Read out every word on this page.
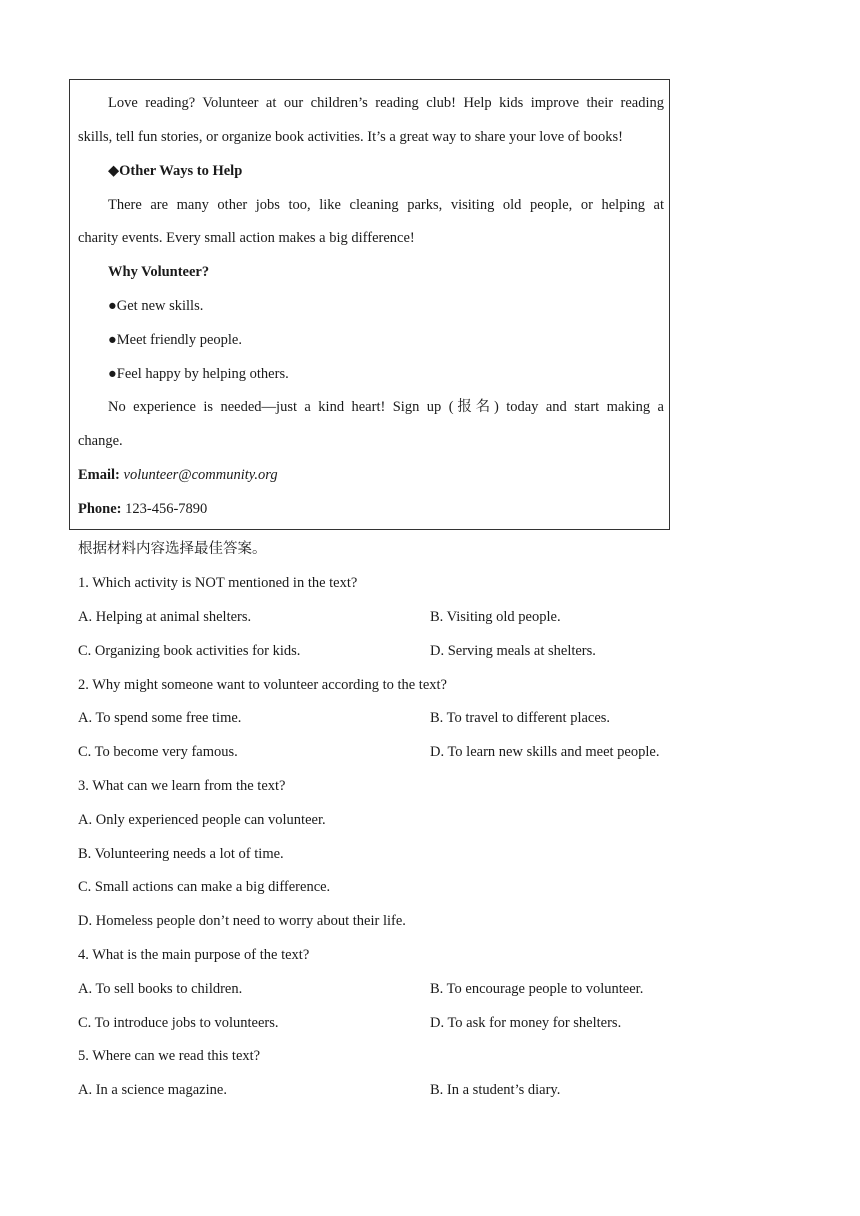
Love reading? Volunteer at our children’s reading club! Help kids improve their reading
skills, tell fun stories, or organize book activities. It’s a great way to share your love of books!
◆Other Ways to Help
There are many other jobs too, like cleaning parks, visiting old people, or helping at
charity events. Every small action makes a big difference!
Why Volunteer?
●Get new skills.
●Meet friendly people.
●Feel happy by helping others.
No experience is needed—just a kind heart! Sign up (报名) today and start making a
change.
Email: volunteer@community.org
Phone: 123-456-7890
根据材料内容选择最佳答案。
1. Which activity is NOT mentioned in the text?
A. Helping at animal shelters.	B. Visiting old people.
C. Organizing book activities for kids.	D. Serving meals at shelters.
2. Why might someone want to volunteer according to the text?
A. To spend some free time.	B. To travel to different places.
C. To become very famous.	D. To learn new skills and meet people.
3. What can we learn from the text?
A. Only experienced people can volunteer.
B. Volunteering needs a lot of time.
C. Small actions can make a big difference.
D. Homeless people don’t need to worry about their life.
4. What is the main purpose of the text?
A. To sell books to children.	B. To encourage people to volunteer.
C. To introduce jobs to volunteers.	D. To ask for money for shelters.
5. Where can we read this text?
A. In a science magazine.	B. In a student’s diary.
